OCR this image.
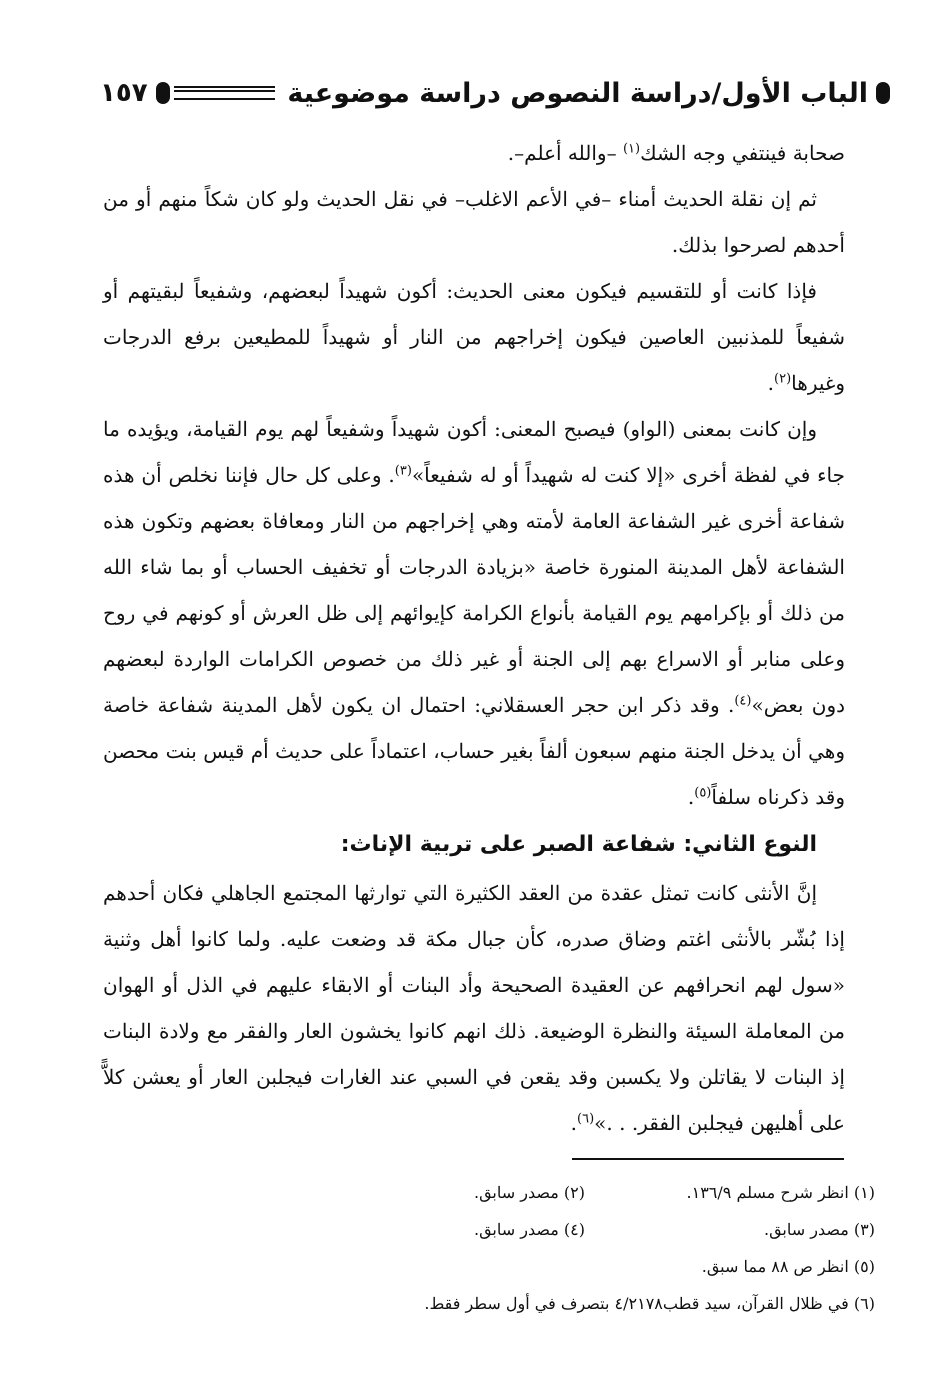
الباب الأول/دراسة النصوص دراسة موضوعية
١٥٧

صحابة فينتفي وجه الشك$^{(١)}$ –والله أعلم–.

ثم إن نقلة الحديث أمناء –في الأعم الاغلب– في نقل الحديث ولو كان شكاً منهم أو من أحدهم لصرحوا بذلك.

فإذا كانت أو للتقسيم فيكون معنى الحديث: أكون شهيداً لبعضهم، وشفيعاً لبقيتهم أو شفيعاً للمذنبين العاصين فيكون إخراجهم من النار أو شهيداً للمطيعين برفع الدرجات وغيرها$^{(٢)}$.

وإن كانت بمعنى (الواو) فيصبح المعنى: أكون شهيداً وشفيعاً لهم يوم القيامة، ويؤيده ما جاء في لفظة أخرى «إلا كنت له شهيداً أو له شفيعاً»$^{(٣)}$. وعلى كل حال فإننا نخلص أن هذه شفاعة أخرى غير الشفاعة العامة لأمته وهي إخراجهم من النار ومعافاة بعضهم وتكون هذه الشفاعة لأهل المدينة المنورة خاصة «بزيادة الدرجات أو تخفيف الحساب أو بما شاء الله من ذلك أو بإكرامهم يوم القيامة بأنواع الكرامة كإيوائهم إلى ظل العرش أو كونهم في روح وعلى منابر أو الاسراع بهم إلى الجنة أو غير ذلك من خصوص الكرامات الواردة لبعضهم دون بعض»$^{(٤)}$. وقد ذكر ابن حجر العسقلاني: احتمال ان يكون لأهل المدينة شفاعة خاصة وهي أن يدخل الجنة منهم سبعون ألفاً بغير حساب، اعتماداً على حديث أم قيس بنت محصن وقد ذكرناه سلفاً$^{(٥)}$.

النوع الثاني: شفاعة الصبر على تربية الإناث:

إنَّ الأنثى كانت تمثل عقدة من العقد الكثيرة التي توارثها المجتمع الجاهلي فكان أحدهم إذا بُشّر بالأنثى اغتم وضاق صدره، كأن جبال مكة قد وضعت عليه. ولما كانوا أهل وثنية «سول لهم انحرافهم عن العقيدة الصحيحة وأد البنات أو الابقاء عليهم في الذل أو الهوان من المعاملة السيئة والنظرة الوضيعة. ذلك انهم كانوا يخشون العار والفقر مع ولادة البنات إذ البنات لا يقاتلن ولا يكسبن وقد يقعن في السبي عند الغارات فيجلبن العار أو يعشن كلاًّ على أهليهن فيجلبن الفقر. . .»$^{(٦)}$.

(١) انظر شرح مسلم ١٣٦/٩.
(٢) مصدر سابق.
(٣) مصدر سابق.
(٤) مصدر سابق.
(٥) انظر ص ٨٨ مما سبق.
(٦) في ظلال القرآن، سيد قطب٤/٢١٧٨ بتصرف في أول سطر فقط.
